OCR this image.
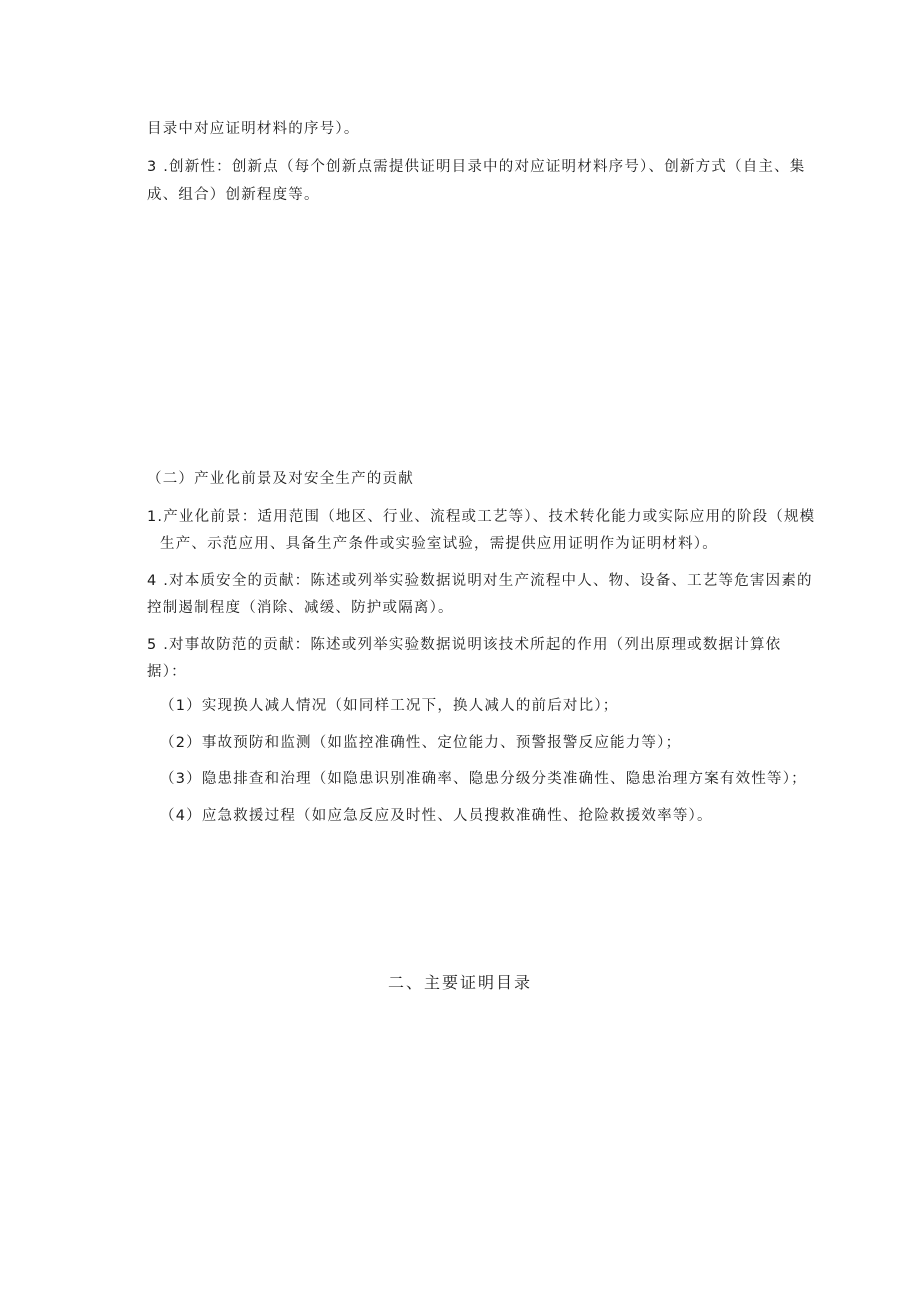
目录中对应证明材料的序号）。
3 .创新性：创新点（每个创新点需提供证明目录中的对应证明材料序号）、创新方式（自主、集
成、组合）创新程度等。
（二）产业化前景及对安全生产的贡献
1.产业化前景：适用范围（地区、行业、流程或工艺等）、技术转化能力或实际应用的阶段（规模
生产、示范应用、具备生产条件或实验室试验，需提供应用证明作为证明材料）。
4 .对本质安全的贡献：陈述或列举实验数据说明对生产流程中人、物、设备、工艺等危害因素的
控制遏制程度（消除、减缓、防护或隔离）。
5 .对事故防范的贡献：陈述或列举实验数据说明该技术所起的作用（列出原理或数据计算依
据）：
（1）实现换人减人情况（如同样工况下，换人减人的前后对比）；
（2）事故预防和监测（如监控准确性、定位能力、预警报警反应能力等）；
（3）隐患排查和治理（如隐患识别准确率、隐患分级分类准确性、隐患治理方案有效性等）；
（4）应急救援过程（如应急反应及时性、人员搜救准确性、抢险救援效率等）。
二、主要证明目录
